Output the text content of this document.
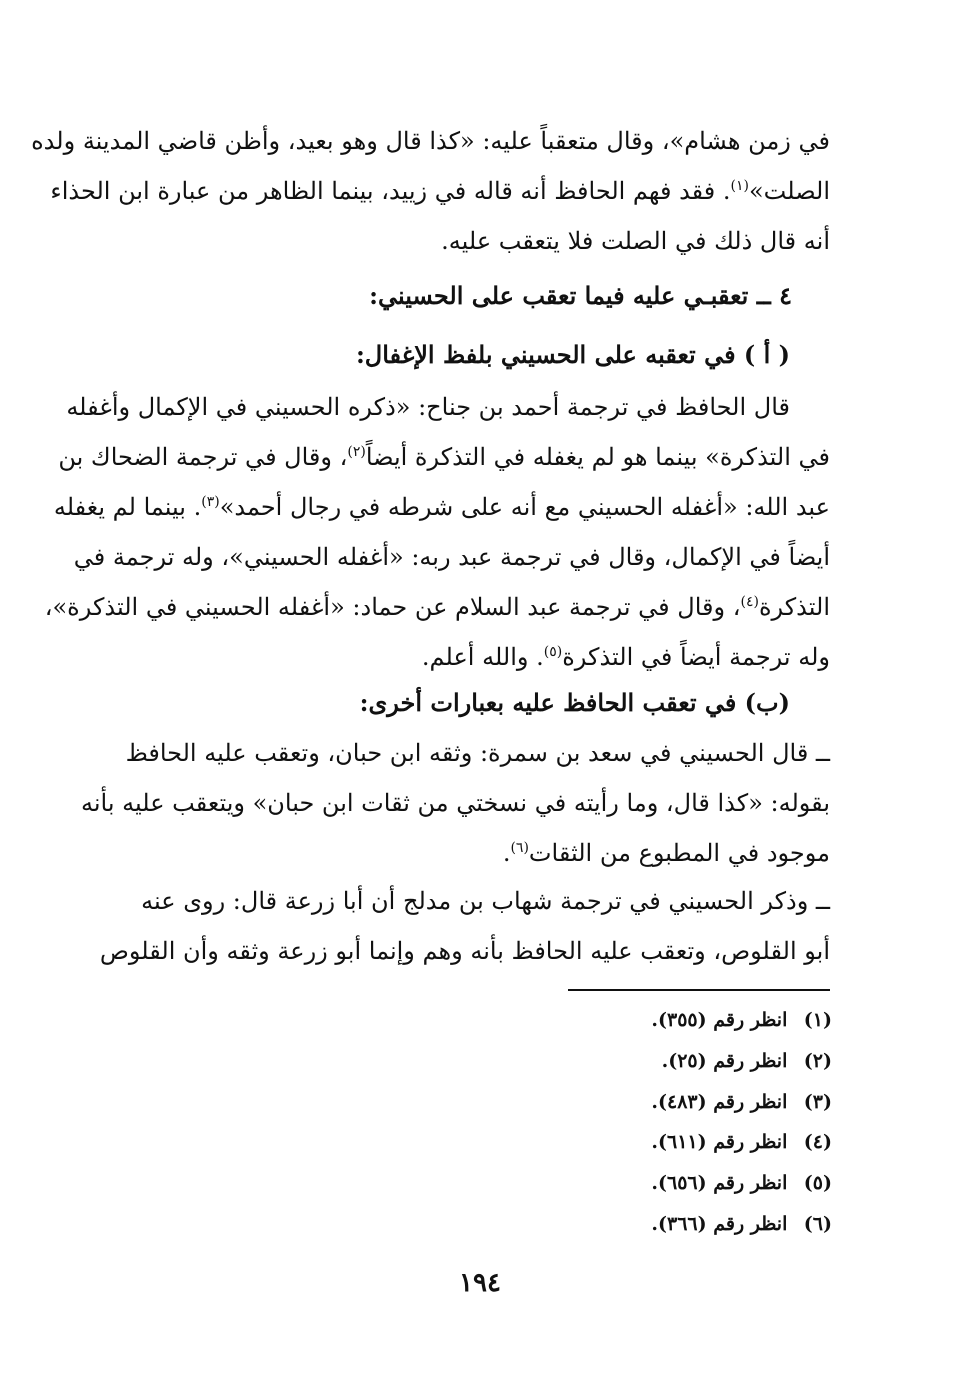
في زمن هشام»، وقال متعقباً عليه: «كذا قال وهو بعيد، وأظن قاضي المدينة ولده
الصلت»$^{(١)}$. فقد فهم الحافظ أنه قاله في زييد، بينما الظاهر من عبارة ابن الحذاء
أنه قال ذلك في الصلت فلا يتعقب عليه.
٤ ــ تعقبـي عليه فيما تعقب على الحسيني:
( أ ) في تعقبه على الحسيني بلفظ الإغفال:
قال الحافظ في ترجمة أحمد بن جناح: «ذكره الحسيني في الإكمال وأغفله
في التذكرة» بينما هو لم يغفله في التذكرة أيضاً$^{(٢)}$، وقال في ترجمة الضحاك بن
عبد الله: «أغفله الحسيني مع أنه على شرطه في رجال أحمد»$^{(٣)}$. بينما لم يغفله
أيضاً في الإكمال، وقال في ترجمة عبد ربه: «أغفله الحسيني»، وله ترجمة في
التذكرة$^{(٤)}$، وقال في ترجمة عبد السلام عن حماد: «أغفله الحسيني في التذكرة»،
وله ترجمة أيضاً في التذكرة$^{(٥)}$. والله أعلم.
(ب) في تعقب الحافظ عليه بعبارات أخرى:
ــ قال الحسيني في سعد بن سمرة: وثقه ابن حبان، وتعقب عليه الحافظ
بقوله: «كذا قال، وما رأيته في نسختي من ثقات ابن حبان» ويتعقب عليه بأنه
موجود في المطبوع من الثقات$^{(٦)}$.
ــ وذكر الحسيني في ترجمة شهاب بن مدلج أن أبا زرعة قال: روى عنه
أبو القلوص، وتعقب عليه الحافظ بأنه وهم وإنما أبو زرعة وثقه وأن القلوص
(١) انظر رقم (٣٥٥).
(٢) انظر رقم (٢٥).
(٣) انظر رقم (٤٨٣).
(٤) انظر رقم (٦١١).
(٥) انظر رقم (٦٥٦).
(٦) انظر رقم (٣٦٦).
١٩٤
